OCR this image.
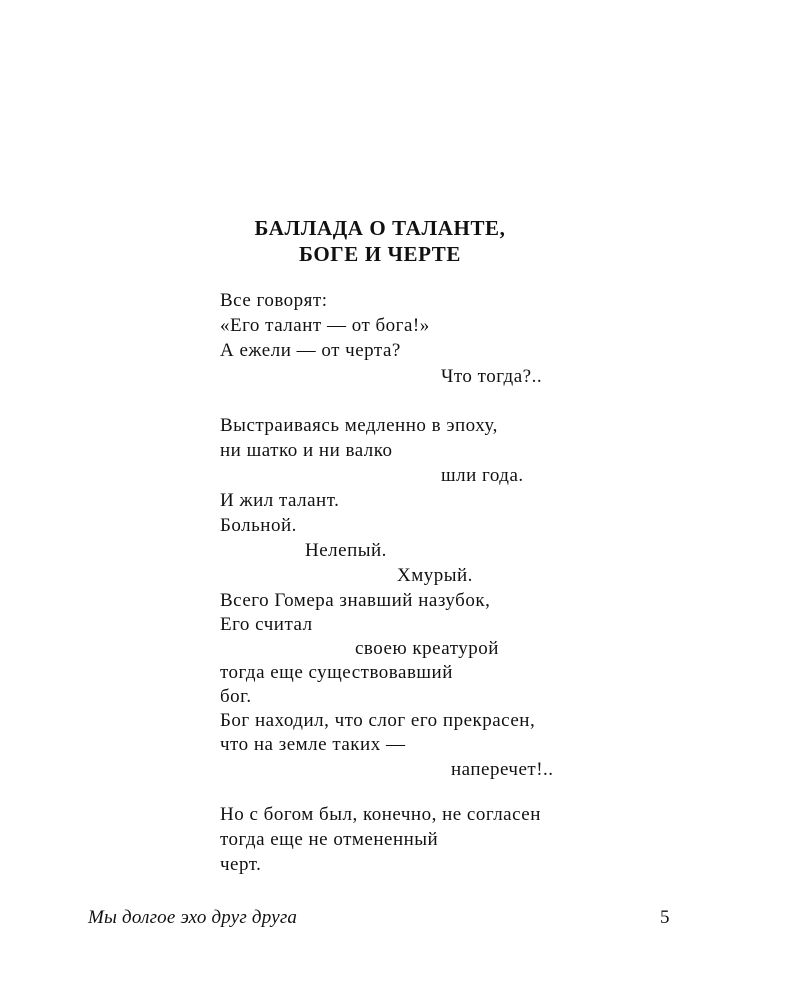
БАЛЛАДА О ТАЛАНТЕ,
БОГЕ И ЧЕРТЕ
Все говорят:
«Его талант — от бога!»
А ежели — от черта?
Что тогда?..
Выстраиваясь медленно в эпоху,
ни шатко и ни валко
шли года.
И жил талант.
Больной.
Нелепый.
Хмурый.
Всего Гомера знавший назубок,
Его считал
своею креатурой
тогда еще существовавший
бог.
Бог находил, что слог его прекрасен,
что на земле таких —
наперечет!..
Но с богом был, конечно, не согласен
тогда еще не отмененный
черт.
Мы долгое эхо друг друга	5
